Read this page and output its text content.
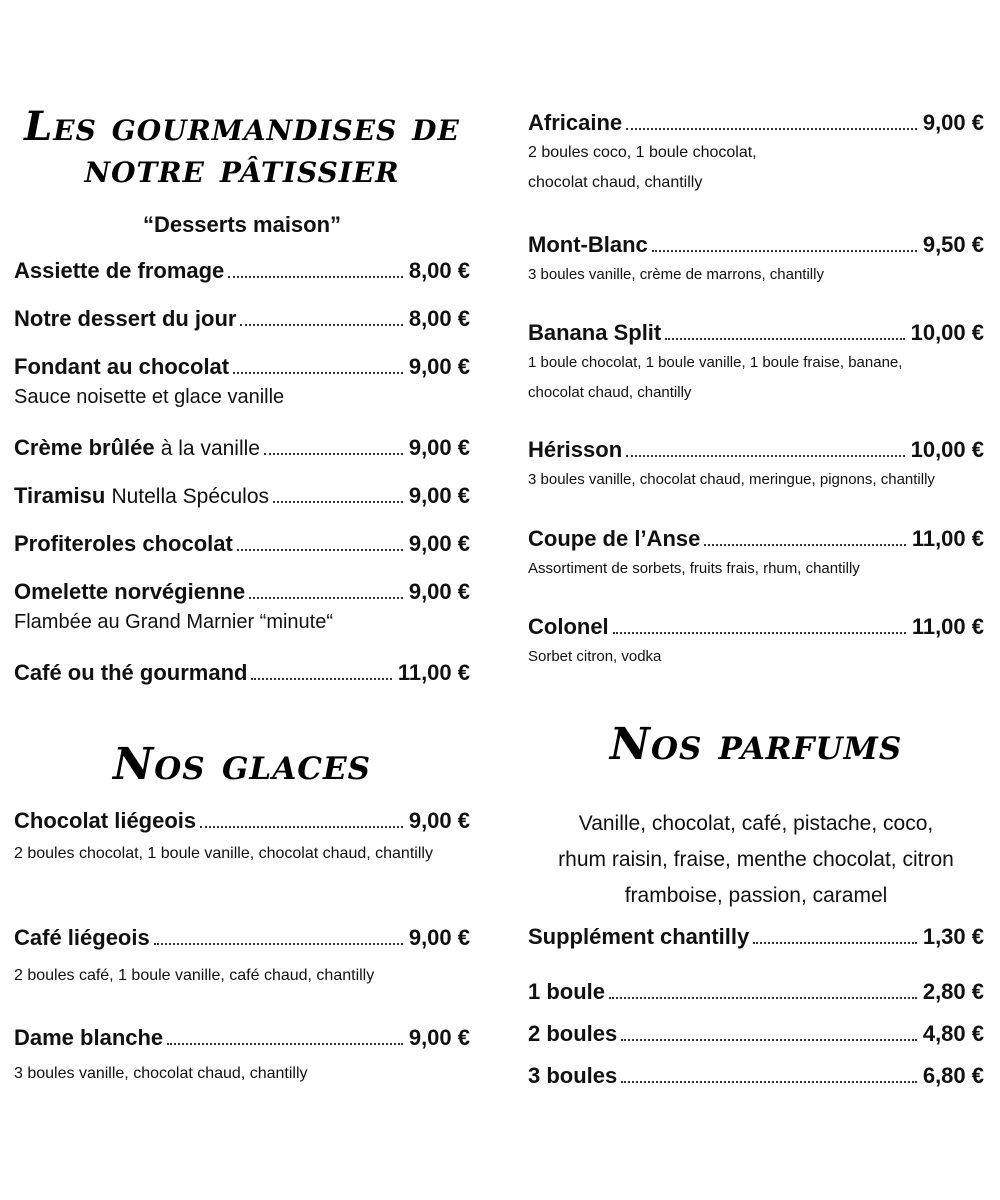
Les gourmandises de
notre pâtissier
“Desserts maison”
Assiette de fromage	8,00 €
Notre dessert du jour	8,00 €
Fondant au chocolat	9,00 €
Sauce noisette et glace vanille
Crème brûlée à la vanille	9,00 €
Tiramisu Nutella Spéculos	9,00 €
Profiteroles chocolat	9,00 €
Omelette norvégienne	9,00 €
Flambée au Grand Marnier “minute“
Café ou thé gourmand	11,00 €
Nos glaces
Chocolat liégeois	9,00 €
2 boules chocolat, 1 boule vanille, chocolat chaud, chantilly
Café liégeois	9,00 €
2 boules café, 1 boule vanille, café chaud, chantilly
Dame blanche	9,00 €
3 boules vanille, chocolat chaud, chantilly
Africaine	9,00 €
2 boules coco, 1 boule chocolat, chocolat chaud, chantilly
Mont-Blanc	9,50 €
3 boules vanille, crème de marrons, chantilly
Banana Split	10,00 €
1 boule chocolat, 1 boule vanille, 1 boule fraise, banane, chocolat chaud, chantilly
Hérisson	10,00 €
3 boules vanille, chocolat chaud, meringue, pignons, chantilly
Coupe de l’Anse	11,00 €
Assortiment de sorbets, fruits frais, rhum, chantilly
Colonel	11,00 €
Sorbet citron, vodka
Nos parfums
Vanille, chocolat, café, pistache, coco,
rhum raisin, fraise, menthe chocolat, citron
framboise, passion, caramel
Supplément chantilly	1,30 €
1 boule	2,80 €
2 boules	4,80 €
3 boules	6,80 €
